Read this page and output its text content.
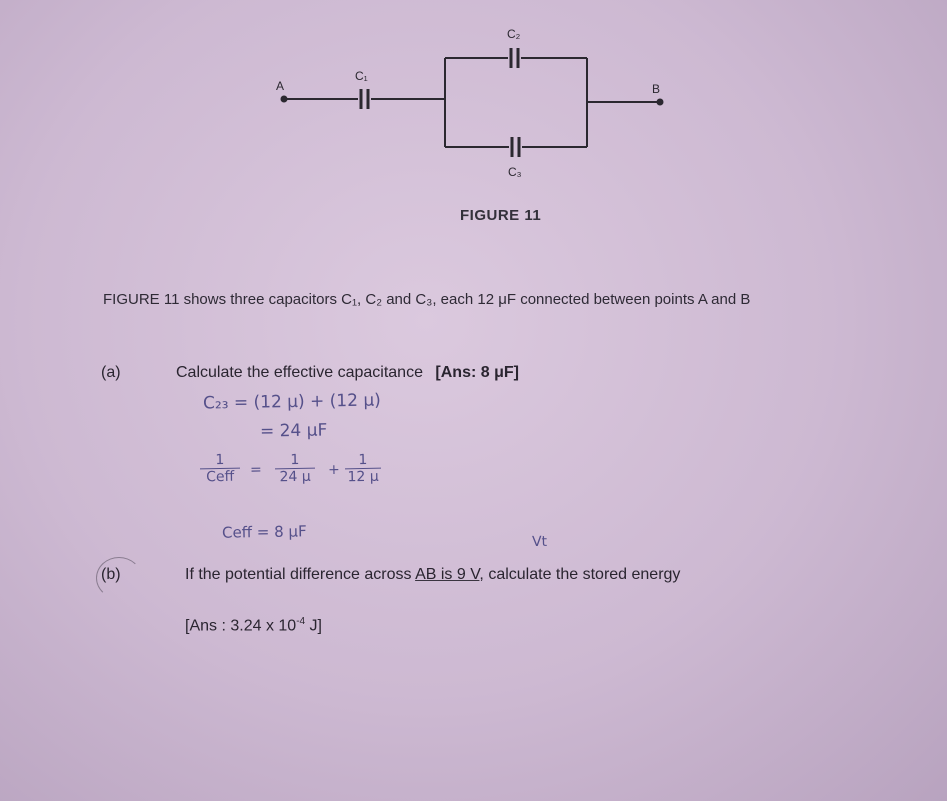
A	B
C₁
C₂
C₃
FIGURE 11
FIGURE 11 shows three capacitors C₁, C₂ and C₃, each 12 μF connected between points A and B
(a)	Calculate the effective capacitance [Ans: 8 μF]
C₂₃ = (12 μ) + (12 μ)
= 24 μF
1
Ceff	= $\frac{1}{24 \mu} + \frac{1}{12 \mu}$
Ceff = 8 μF
Vt
(b)	If the potential difference across AB is 9 V, calculate the stored energy
[Ans : 3.24 x $10^{-4}$ J]
